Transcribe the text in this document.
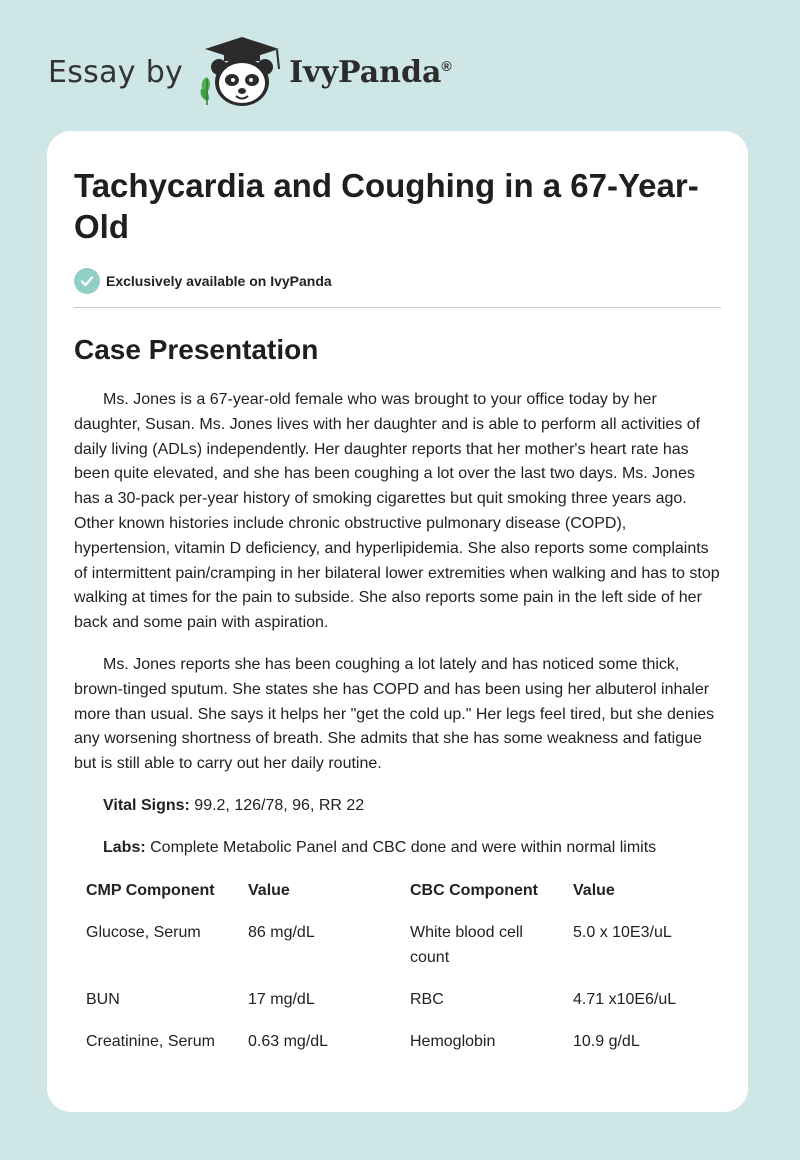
Essay by	IvyPanda®
Tachycardia and Coughing in a 67-Year-Old
Exclusively available on IvyPanda
Case Presentation

Ms. Jones is a 67-year-old female who was brought to your office today by her daughter, Susan. Ms. Jones lives with her daughter and is able to perform all activities of daily living (ADLs) independently. Her daughter reports that her mother's heart rate has been quite elevated, and she has been coughing a lot over the last two days. Ms. Jones has a 30-pack per-year history of smoking cigarettes but quit smoking three years ago. Other known histories include chronic obstructive pulmonary disease (COPD), hypertension, vitamin D deficiency, and hyperlipidemia. She also reports some complaints of intermittent pain/cramping in her bilateral lower extremities when walking and has to stop walking at times for the pain to subside. She also reports some pain in the left side of her back and some pain with aspiration.

Ms. Jones reports she has been coughing a lot lately and has noticed some thick, brown-tinged sputum. She states she has COPD and has been using her albuterol inhaler more than usual. She says it helps her "get the cold up." Her legs feel tired, but she denies any worsening shortness of breath. She admits that she has some weakness and fatigue but is still able to carry out her daily routine.

Vital Signs: 99.2, 126/78, 96, RR 22

Labs: Complete Metabolic Panel and CBC done and were within normal limits

CMP Component	Value	CBC Component	Value
Glucose, Serum	86 mg/dL	White blood cell count	5.0 x 10E3/uL
BUN	17 mg/dL	RBC	4.71 x10E6/uL
Creatinine, Serum	0.63 mg/dL	Hemoglobin	10.9 g/dL
